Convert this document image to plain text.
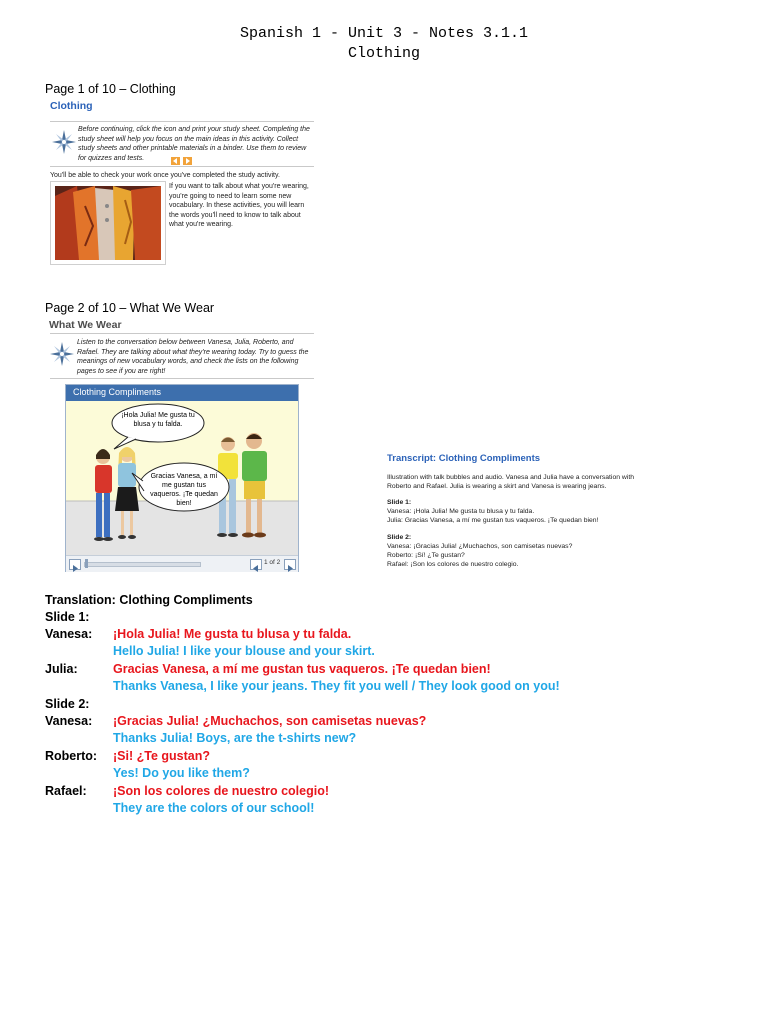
Spanish 1 - Unit 3 - Notes 3.1.1
Clothing
Page 1 of 10 – Clothing
Clothing
Before continuing, click the icon and print your study sheet. Completing the study sheet will help you focus on the main ideas in this activity. Collect study sheets and other printable materials in a binder. Use them to review for quizzes and tests.
You'll be able to check your work once you've completed the study activity.
If you want to talk about what you're wearing, you're going to need to learn some new vocabulary. In these activities, you will learn the words you'll need to know to talk about what you're wearing.
Page 2 of 10 – What We Wear
What We Wear
Listen to the conversation below between Vanesa, Julia, Roberto, and Rafael. They are talking about what they're wearing today. Try to guess the meanings of new vocabulary words, and check the lists on the following pages to see if you are right!
Clothing Compliments
¡Hola Julia! Me gusta tu blusa y tu falda.
Gracias Vanesa, a mí me gustan tus vaqueros. ¡Te quedan bien!
1 of 2
Transcript: Clothing Compliments
Illustration with talk bubbles and audio. Vanesa and Julia have a conversation with Roberto and Rafael. Julia is wearing a skirt and Vanesa is wearing jeans.
Slide 1:
Vanesa: ¡Hola Julia! Me gusta tu blusa y tu falda.
Julia: Gracias Vanesa, a mí me gustan tus vaqueros. ¡Te quedan bien!
Slide 2:
Vanesa: ¡Gracias Julia! ¿Muchachos, son camisetas nuevas?
Roberto: ¡Sí! ¿Te gustan?
Rafael: ¡Son los colores de nuestro colegio.
Translation: Clothing Compliments
Slide 1:
Vanesa:	¡Hola Julia! Me gusta tu blusa y tu falda.
Hello Julia! I like your blouse and your skirt.
Julia:	Gracias Vanesa, a mí me gustan tus vaqueros. ¡Te quedan bien!
Thanks Vanesa, I like your jeans. They fit you well / They look good on you!
Slide 2:
Vanesa:	¡Gracias Julia! ¿Muchachos, son camisetas nuevas?
Thanks Julia! Boys, are the t-shirts new?
Roberto:	¡Si! ¿Te gustan?
Yes! Do you like them?
Rafael:	¡Son los colores de nuestro colegio!
They are the colors of our school!
